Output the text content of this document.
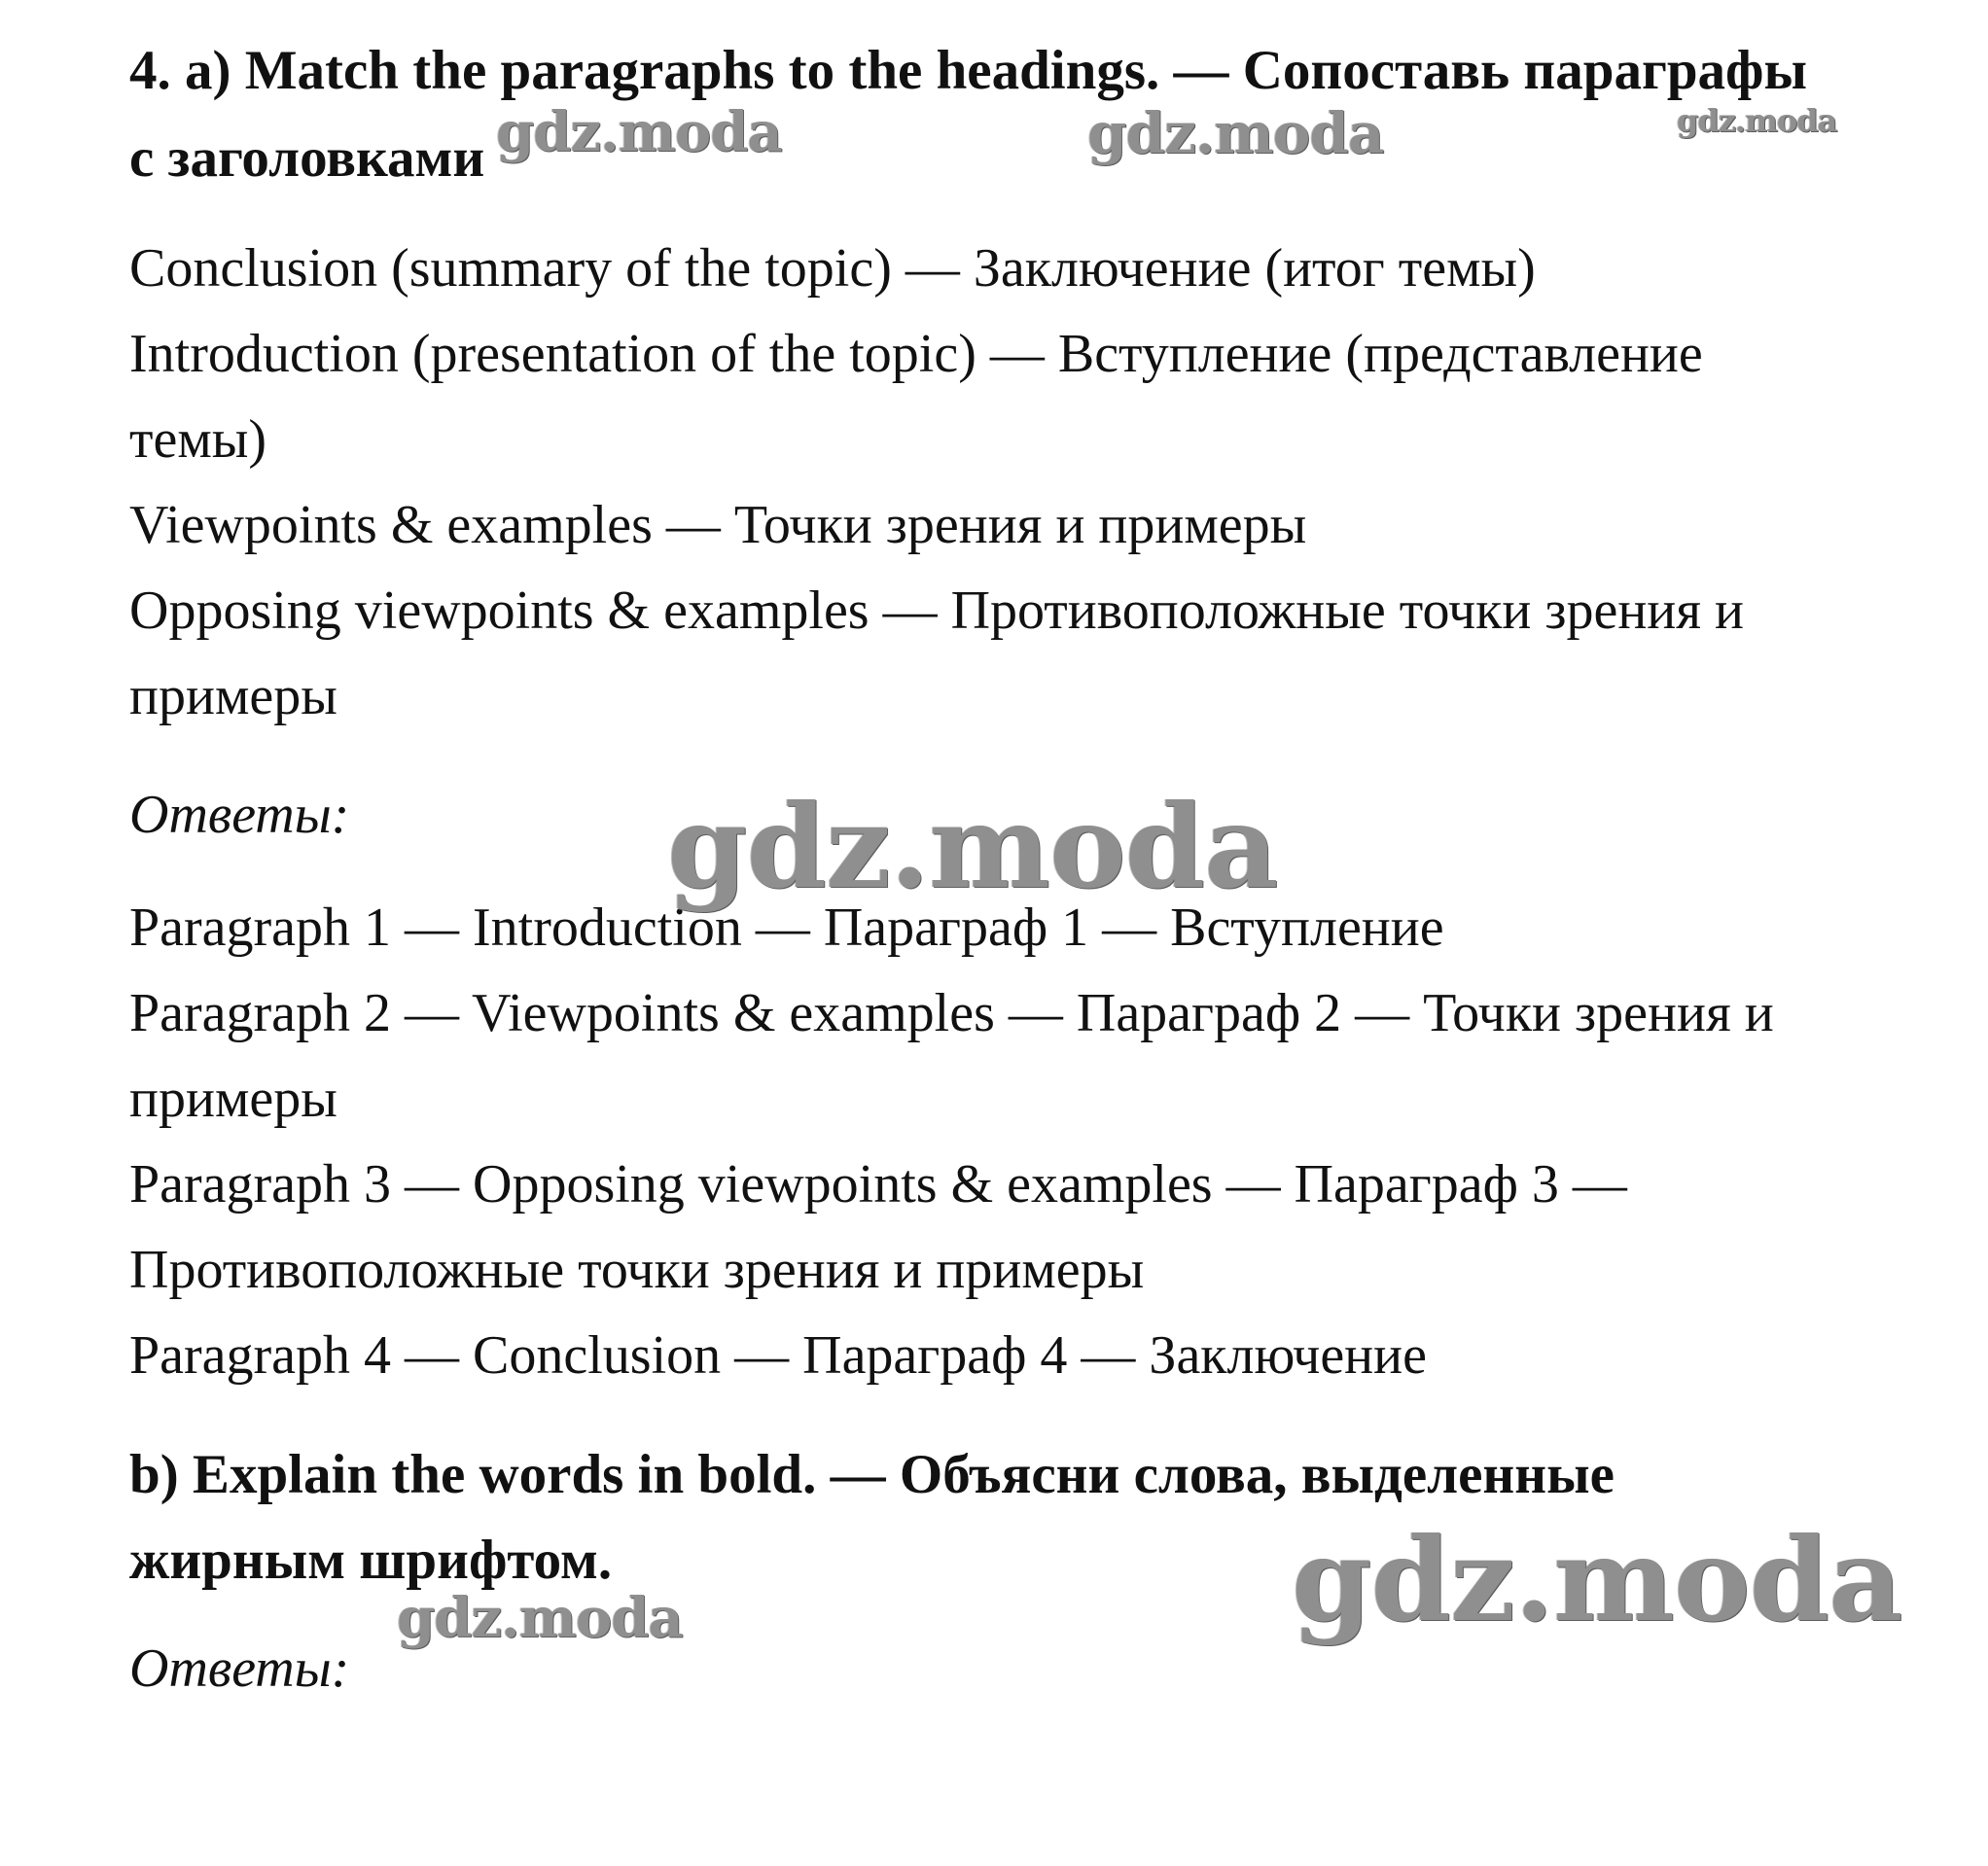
4. a) Match the paragraphs to the headings. — Сопоставь параграфы
с заголовками
Conclusion (summary of the topic) — Заключение (итог темы)
Introduction (presentation of the topic) — Вступление (представление
темы)
Viewpoints & examples — Точки зрения и примеры
Opposing viewpoints & examples — Противоположные точки зрения и
примеры
Ответы:
Paragraph 1 — Introduction — Параграф 1 — Вступление
Paragraph 2 — Viewpoints & examples — Параграф 2 — Точки зрения и
примеры
Paragraph 3 — Opposing viewpoints & examples — Параграф 3 —
Противоположные точки зрения и примеры
Paragraph 4 — Conclusion — Параграф 4 — Заключение
b) Explain the words in bold. — Объясни слова, выделенные
жирным шрифтом.
Ответы:
gdz.moda	gdz.moda	gdz.moda
gdz.moda
gdz.moda	gdz.moda
